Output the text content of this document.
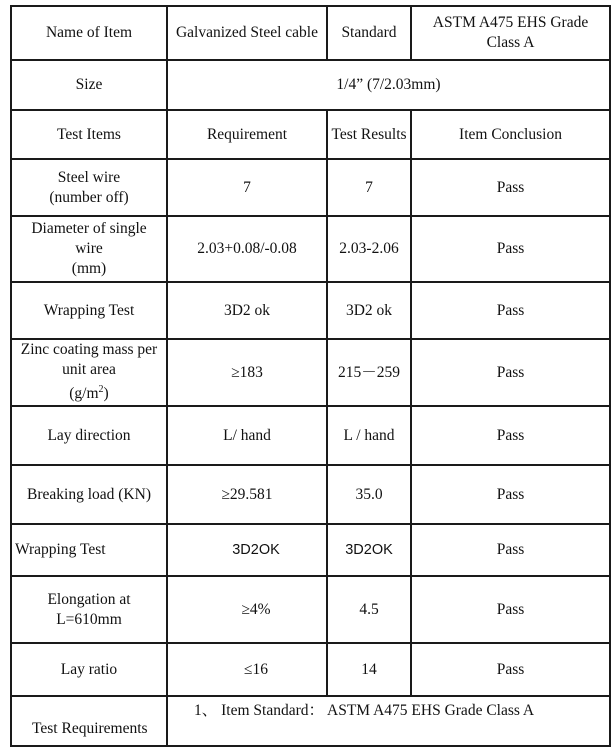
Name of Item	Galvanized Steel cable	Standard	ASTM A475 EHS Grade
Class A

Size	1/4” (7/2.03mm)		
Test Items	Requirement	Test Results	Item Conclusion

Steel wire
(number off)	7	7	Pass

Diameter of single
wire
(mm)	2.03+0.08/-0.08	2.03-2.06	Pass
Wrapping Test	3D2 ok	3D2 ok	Pass

Zinc coating mass per
unit area
$(g/m^2)$	≥183	215－259	Pass
Lay direction	L/ hand	L / hand	Pass
Breaking load (KN)	≥29.581	35.0	Pass
Wrapping Test	3D2OK	3D2OK	Pass

Elongation at
L=610mm	≥4%	4.5	Pass
Lay ratio	≤16	14	Pass
Test Requirements	1、 Item Standard： ASTM A475 EHS Grade Class A		
